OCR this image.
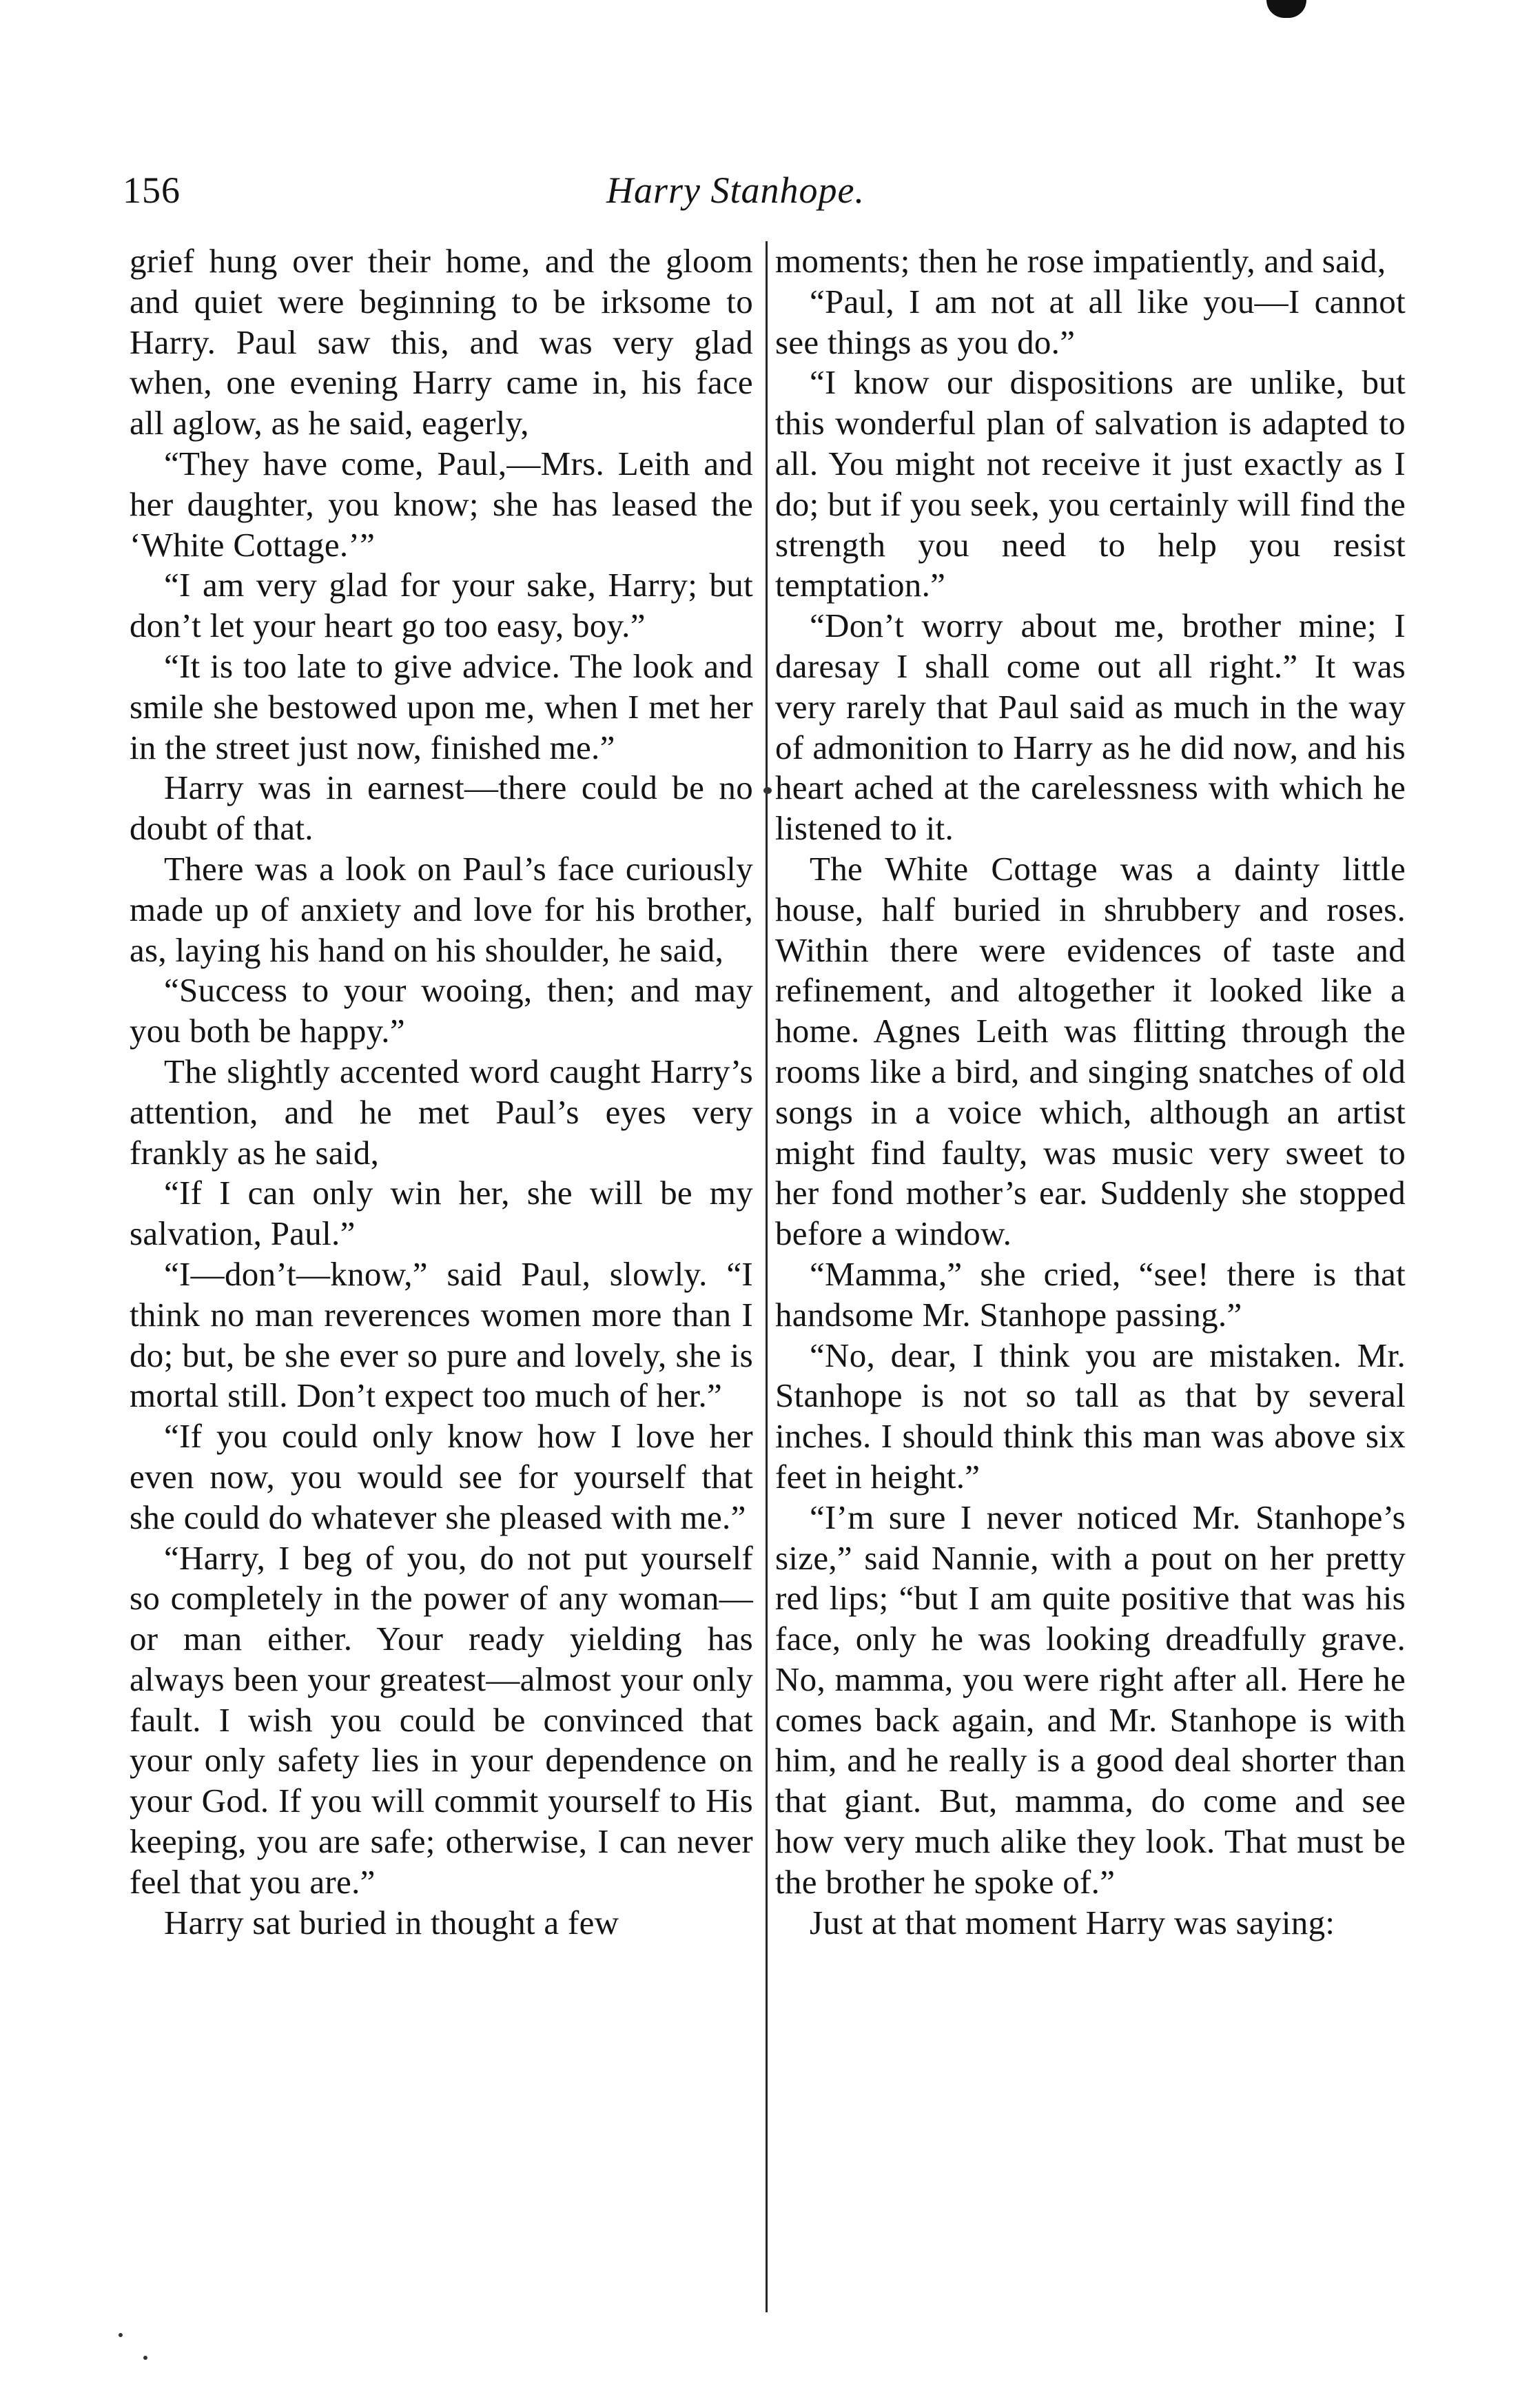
156	Harry Stanhope.

grief hung over their home, and the gloom and quiet were beginning to be irksome to Harry. Paul saw this, and was very glad when, one evening Harry came in, his face all aglow, as he said, eagerly,

“They have come, Paul,—Mrs. Leith and her daughter, you know; she has leased the ‘White Cottage.’”

“I am very glad for your sake, Harry; but don’t let your heart go too easy, boy.”

“It is too late to give advice. The look and smile she bestowed upon me, when I met her in the street just now, finished me.”

Harry was in earnest—there could be no doubt of that.

There was a look on Paul’s face curiously made up of anxiety and love for his brother, as, laying his hand on his shoulder, he said,

“Success to your wooing, then; and may you both be happy.”

The slightly accented word caught Harry’s attention, and he met Paul’s eyes very frankly as he said,

“If I can only win her, she will be my salvation, Paul.”

“I—don’t—know,” said Paul, slowly. “I think no man reverences women more than I do; but, be she ever so pure and lovely, she is mortal still. Don’t expect too much of her.”

“If you could only know how I love her even now, you would see for yourself that she could do whatever she pleased with me.”

“Harry, I beg of you, do not put yourself so completely in the power of any woman—or man either. Your ready yielding has always been your greatest—almost your only fault. I wish you could be convinced that your only safety lies in your dependence on your God. If you will commit yourself to His keeping, you are safe; otherwise, I can never feel that you are.”

Harry sat buried in thought a few

moments; then he rose impatiently, and said,

“Paul, I am not at all like you—I cannot see things as you do.”

“I know our dispositions are unlike, but this wonderful plan of salvation is adapted to all. You might not receive it just exactly as I do; but if you seek, you certainly will find the strength you need to help you resist temptation.”

“Don’t worry about me, brother mine; I daresay I shall come out all right.” It was very rarely that Paul said as much in the way of admonition to Harry as he did now, and his heart ached at the carelessness with which he listened to it.

The White Cottage was a dainty little house, half buried in shrubbery and roses. Within there were evidences of taste and refinement, and altogether it looked like a home. Agnes Leith was flitting through the rooms like a bird, and singing snatches of old songs in a voice which, although an artist might find faulty, was music very sweet to her fond mother’s ear. Suddenly she stopped before a window.

“Mamma,” she cried, “see! there is that handsome Mr. Stanhope passing.”

“No, dear, I think you are mistaken. Mr. Stanhope is not so tall as that by several inches. I should think this man was above six feet in height.”

“I’m sure I never noticed Mr. Stanhope’s size,” said Nannie, with a pout on her pretty red lips; “but I am quite positive that was his face, only he was looking dreadfully grave. No, mamma, you were right after all. Here he comes back again, and Mr. Stanhope is with him, and he really is a good deal shorter than that giant. But, mamma, do come and see how very much alike they look. That must be the brother he spoke of.”

Just at that moment Harry was saying:
